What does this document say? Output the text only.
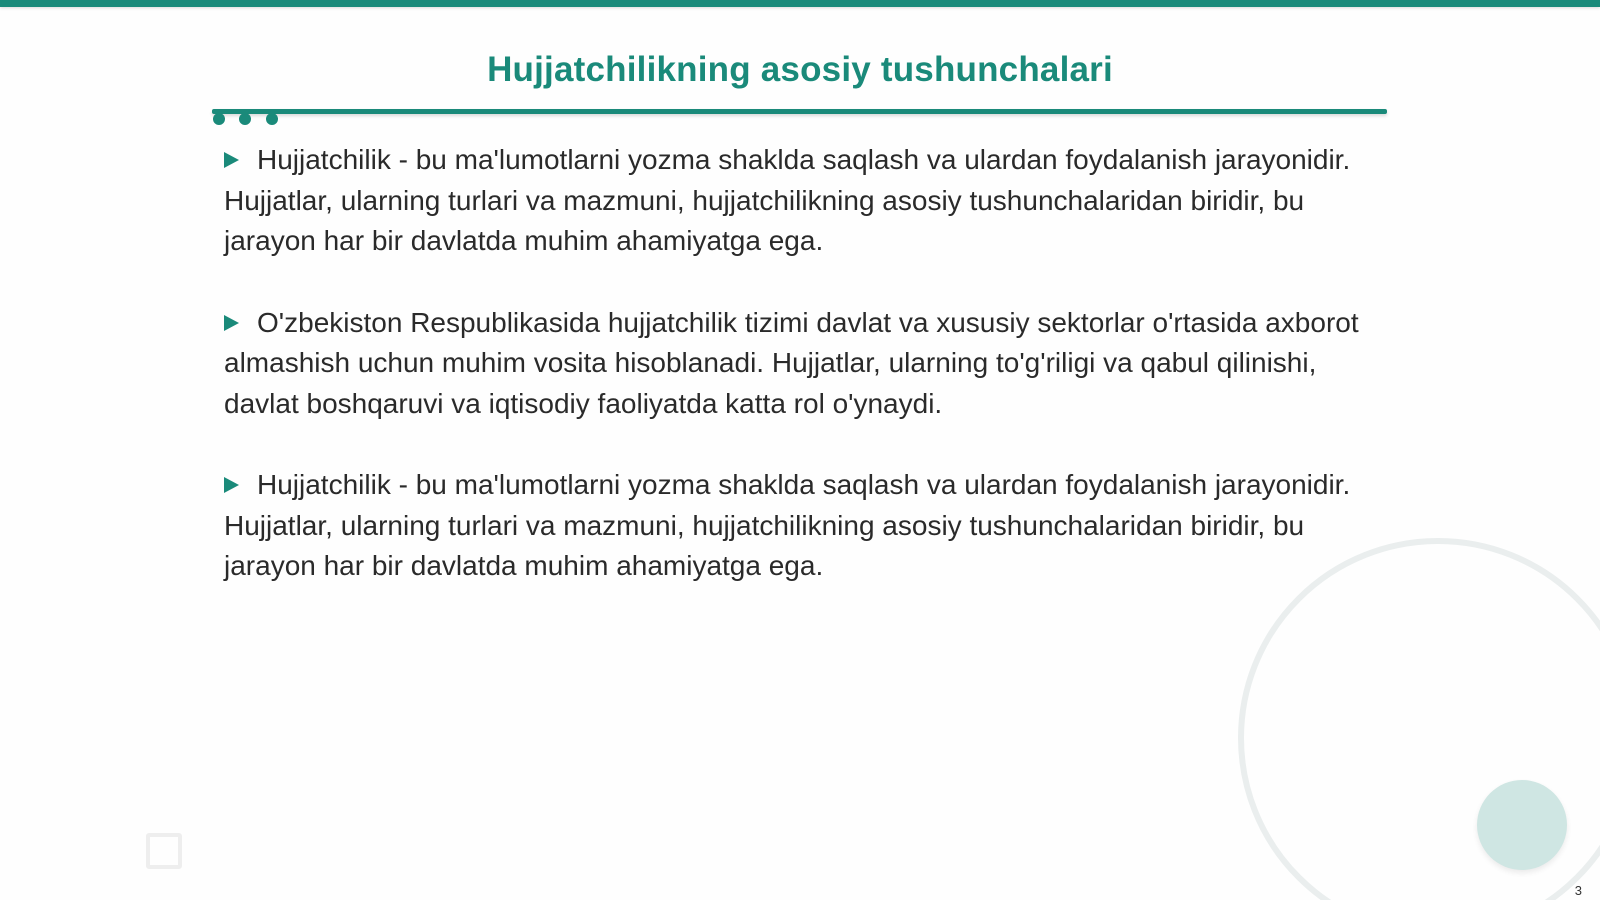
Hujjatchilikning asosiy tushunchalari

Hujjatchilik - bu ma'lumotlarni yozma shaklda saqlash va ulardan foydalanish jarayonidir. Hujjatlar, ularning turlari va mazmuni, hujjatchilikning asosiy tushunchalaridan biridir, bu jarayon har bir davlatda muhim ahamiyatga ega.

O'zbekiston Respublikasida hujjatchilik tizimi davlat va xususiy sektorlar o'rtasida axborot almashish uchun muhim vosita hisoblanadi. Hujjatlar, ularning to'g'riligi va qabul qilinishi, davlat boshqaruvi va iqtisodiy faoliyatda katta rol o'ynaydi.

Hujjatchilik - bu ma'lumotlarni yozma shaklda saqlash va ulardan foydalanish jarayonidir. Hujjatlar, ularning turlari va mazmuni, hujjatchilikning asosiy tushunchalaridan biridir, bu jarayon har bir davlatda muhim ahamiyatga ega.

3
